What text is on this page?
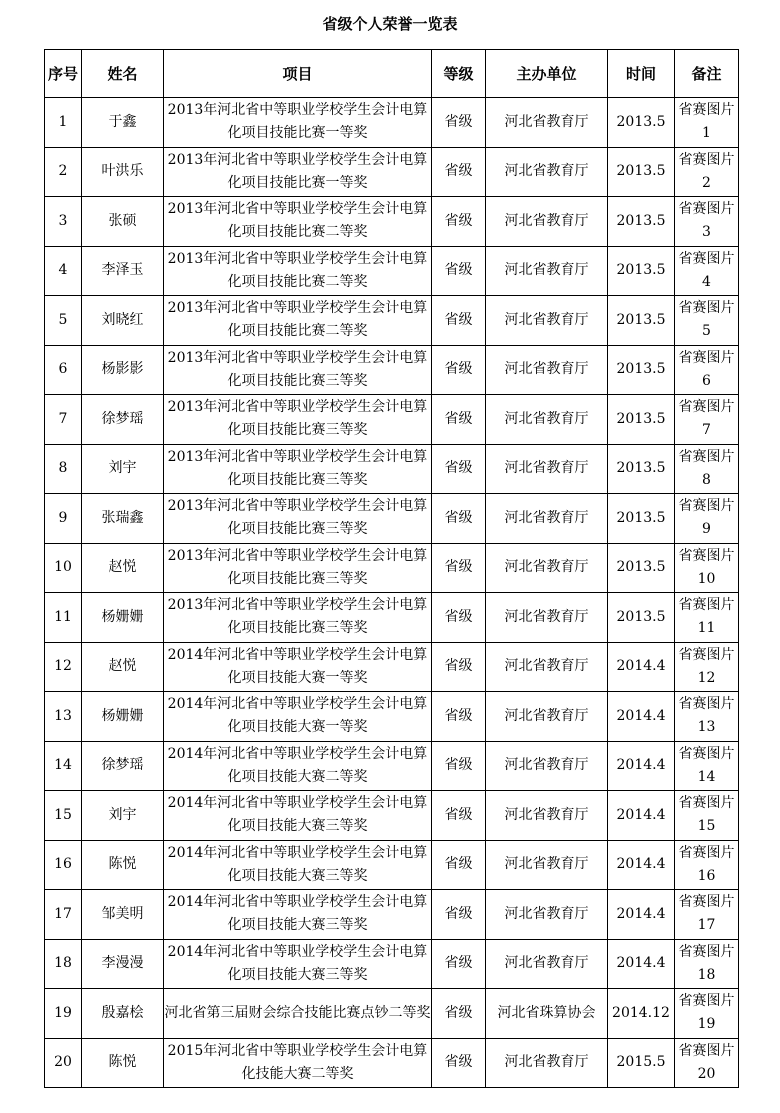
省级个人荣誉一览表
序号	姓名	项目	等级	主办单位	时间	备注
1	于鑫	2013年河北省中等职业学校学生会计电算化项目技能比赛一等奖	省级	河北省教育厅	2013.5	省赛图片1
2	叶洪乐	2013年河北省中等职业学校学生会计电算化项目技能比赛一等奖	省级	河北省教育厅	2013.5	省赛图片2
3	张硕	2013年河北省中等职业学校学生会计电算化项目技能比赛二等奖	省级	河北省教育厅	2013.5	省赛图片3
4	李泽玉	2013年河北省中等职业学校学生会计电算化项目技能比赛二等奖	省级	河北省教育厅	2013.5	省赛图片4
5	刘晓红	2013年河北省中等职业学校学生会计电算化项目技能比赛二等奖	省级	河北省教育厅	2013.5	省赛图片5
6	杨影影	2013年河北省中等职业学校学生会计电算化项目技能比赛三等奖	省级	河北省教育厅	2013.5	省赛图片6
7	徐梦瑶	2013年河北省中等职业学校学生会计电算化项目技能比赛三等奖	省级	河北省教育厅	2013.5	省赛图片7
8	刘宇	2013年河北省中等职业学校学生会计电算化项目技能比赛三等奖	省级	河北省教育厅	2013.5	省赛图片8
9	张瑞鑫	2013年河北省中等职业学校学生会计电算化项目技能比赛三等奖	省级	河北省教育厅	2013.5	省赛图片9
10	赵悦	2013年河北省中等职业学校学生会计电算化项目技能比赛三等奖	省级	河北省教育厅	2013.5	省赛图片10
11	杨姗姗	2013年河北省中等职业学校学生会计电算化项目技能比赛三等奖	省级	河北省教育厅	2013.5	省赛图片11
12	赵悦	2014年河北省中等职业学校学生会计电算化项目技能大赛一等奖	省级	河北省教育厅	2014.4	省赛图片12
13	杨姗姗	2014年河北省中等职业学校学生会计电算化项目技能大赛一等奖	省级	河北省教育厅	2014.4	省赛图片13
14	徐梦瑶	2014年河北省中等职业学校学生会计电算化项目技能大赛二等奖	省级	河北省教育厅	2014.4	省赛图片14
15	刘宇	2014年河北省中等职业学校学生会计电算化项目技能大赛三等奖	省级	河北省教育厅	2014.4	省赛图片15
16	陈悦	2014年河北省中等职业学校学生会计电算化项目技能大赛三等奖	省级	河北省教育厅	2014.4	省赛图片16
17	邹美明	2014年河北省中等职业学校学生会计电算化项目技能大赛三等奖	省级	河北省教育厅	2014.4	省赛图片17
18	李漫漫	2014年河北省中等职业学校学生会计电算化项目技能大赛三等奖	省级	河北省教育厅	2014.4	省赛图片18
19	殷嘉桧	河北省第三届财会综合技能比赛点钞二等奖	省级	河北省珠算协会	2014.12	省赛图片19
20	陈悦	2015年河北省中等职业学校学生会计电算化技能大赛二等奖	省级	河北省教育厅	2015.5	省赛图片20
